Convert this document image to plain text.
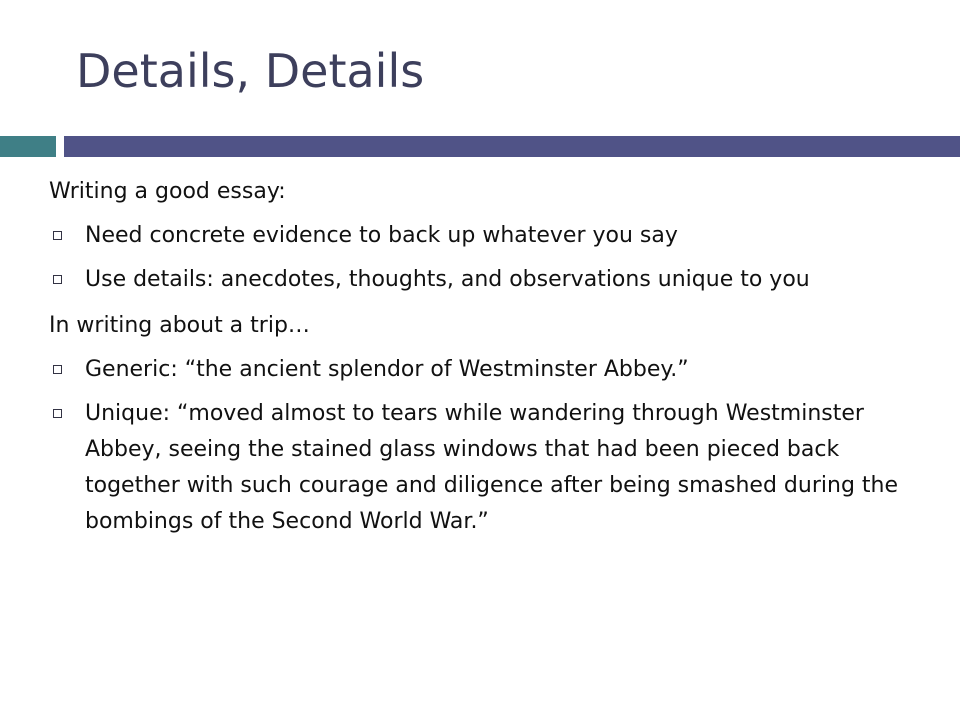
Details, Details
Writing a good essay:
Need concrete evidence to back up whatever you say
Use details: anecdotes, thoughts, and observations unique to you
In writing about a trip…
Generic: “the ancient splendor of Westminster Abbey.”
Unique: “moved almost to tears while wandering through Westminster Abbey, seeing the stained glass windows that had been pieced back together with such courage and diligence after being smashed during the bombings of the Second World War.”
